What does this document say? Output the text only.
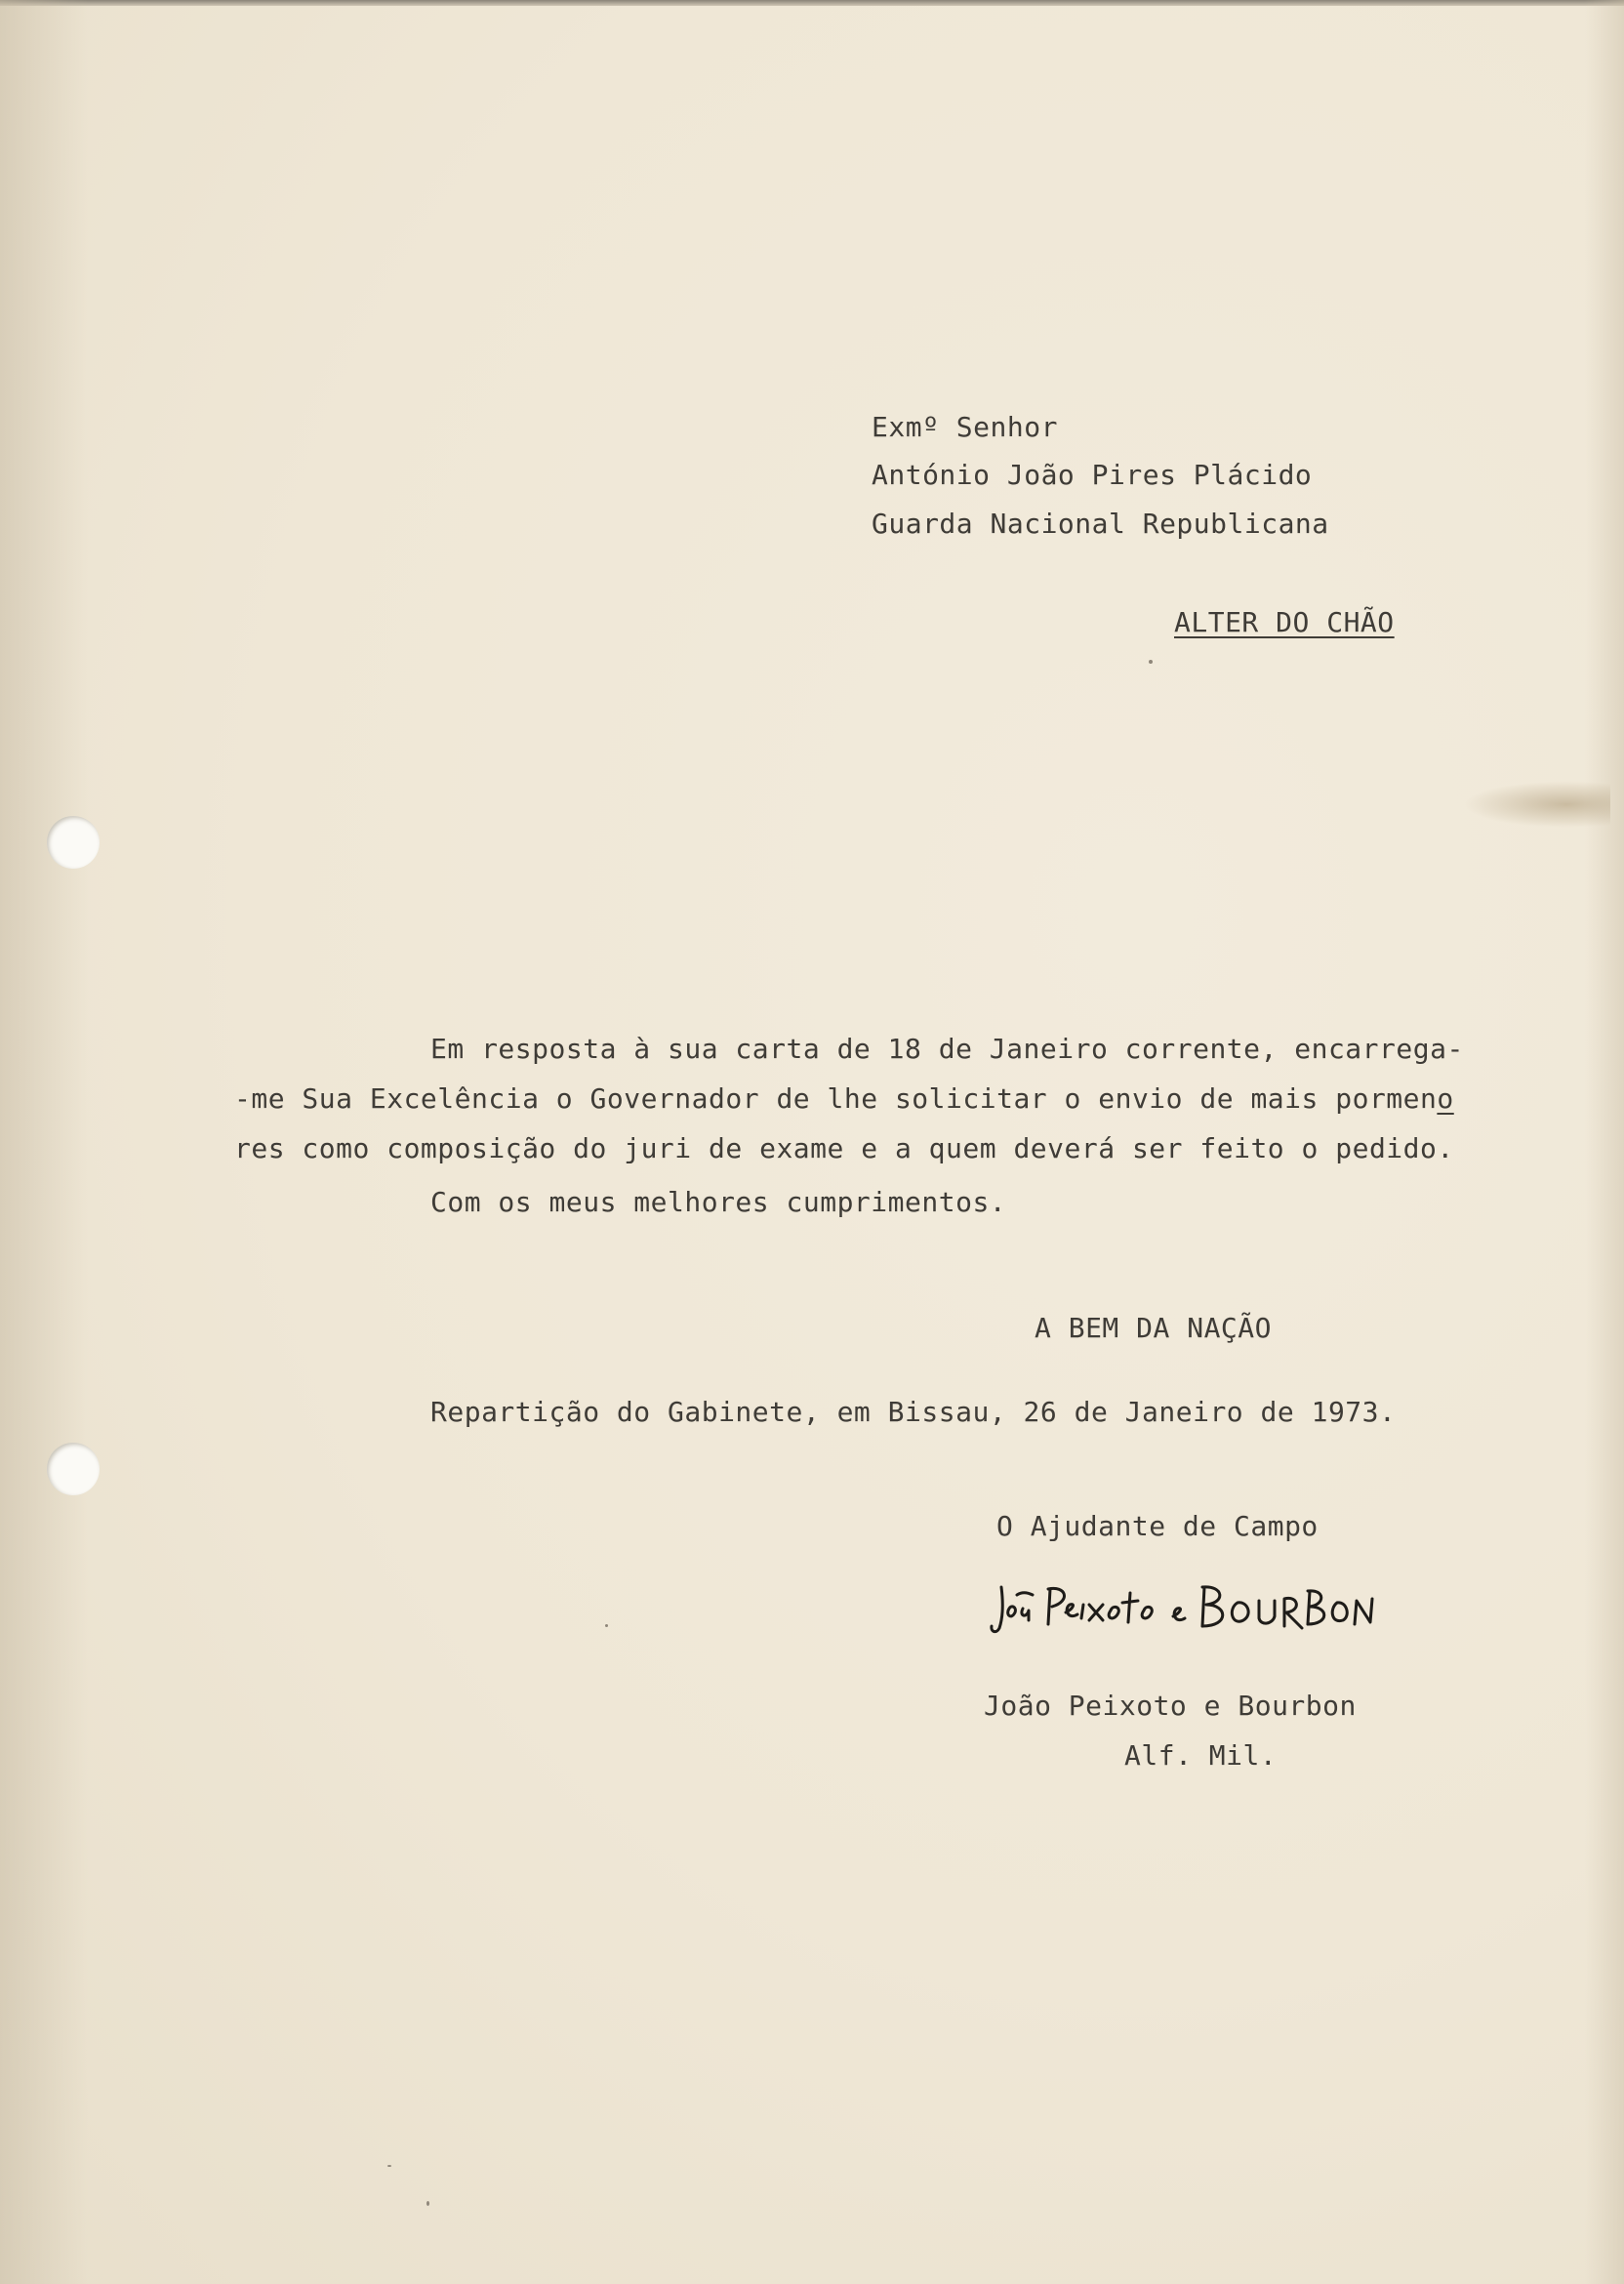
Exmº Senhor
António João Pires Plácido
Guarda Nacional Republicana
ALTER DO CHÃO
Em resposta à sua carta de 18 de Janeiro corrente, encarrega-
-me Sua Excelência o Governador de lhe solicitar o envio de mais pormeno
res como composição do juri de exame e a quem deverá ser feito o pedido.
Com os meus melhores cumprimentos.
A BEM DA NAÇÃO
Repartição do Gabinete, em Bissau, 26 de Janeiro de 1973.
O Ajudante de Campo
João Peixoto e Bourbon
Alf. Mil.
